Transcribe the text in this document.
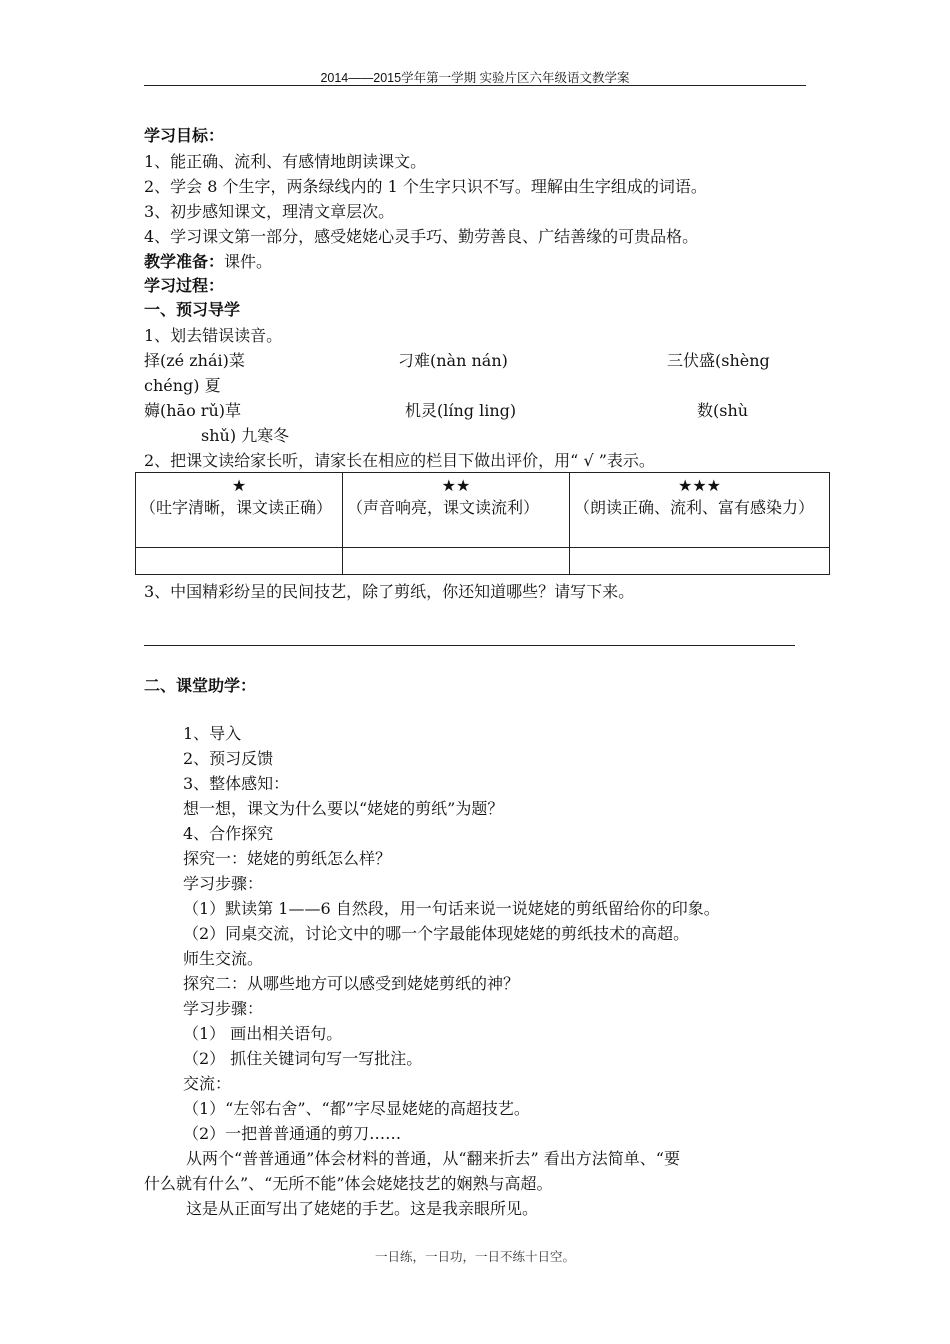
2014——2015学年第一学期 实验片区六年级语文教学案
学习目标：
1、能正确、流利、有感情地朗读课文。
2、学会 8 个生字，两条绿线内的 1 个生字只识不写。理解由生字组成的词语。
3、初步感知课文，理清文章层次。
4、学习课文第一部分，感受姥姥心灵手巧、勤劳善良、广结善缘的可贵品格。
教学准备：课件。
学习过程：
一、预习导学
1、划去错误读音。
择(zé zhái)菜	刁难(nàn nán)	三伏盛(shèng
chéng) 夏
薅(hāo rǔ)草	机灵(líng ling)	数(shù
shǔ) 九寒冬
2、把课文读给家长听，请家长在相应的栏目下做出评价，用“ √ ”表示。
★
（吐字清晰，课文读正确）	★★
（声音响亮，课文读流利）	★★★
（朗读正确、流利、富有感染力）

3、中国精彩纷呈的民间技艺，除了剪纸，你还知道哪些？请写下来。
二、课堂助学：
1、导入
2、预习反馈
3、整体感知：
想一想，课文为什么要以“姥姥的剪纸”为题？
4、合作探究
探究一：姥姥的剪纸怎么样？
学习步骤：
（1）默读第 1——6 自然段，用一句话来说一说姥姥的剪纸留给你的印象。
（2）同桌交流，讨论文中的哪一个字最能体现姥姥的剪纸技术的高超。
师生交流。
探究二：从哪些地方可以感受到姥姥剪纸的神？
学习步骤：
（1） 画出相关语句。
（2） 抓住关键词句写一写批注。
交流：
（1）“左邻右舍”、“都”字尽显姥姥的高超技艺。
（2）一把普普通通的剪刀……
从两个“普普通通”体会材料的普通，从“翻来折去” 看出方法简单、“要
什么就有什么”、“无所不能”体会姥姥技艺的娴熟与高超。
这是从正面写出了姥姥的手艺。这是我亲眼所见。
一日练，一日功，一日不练十日空。
